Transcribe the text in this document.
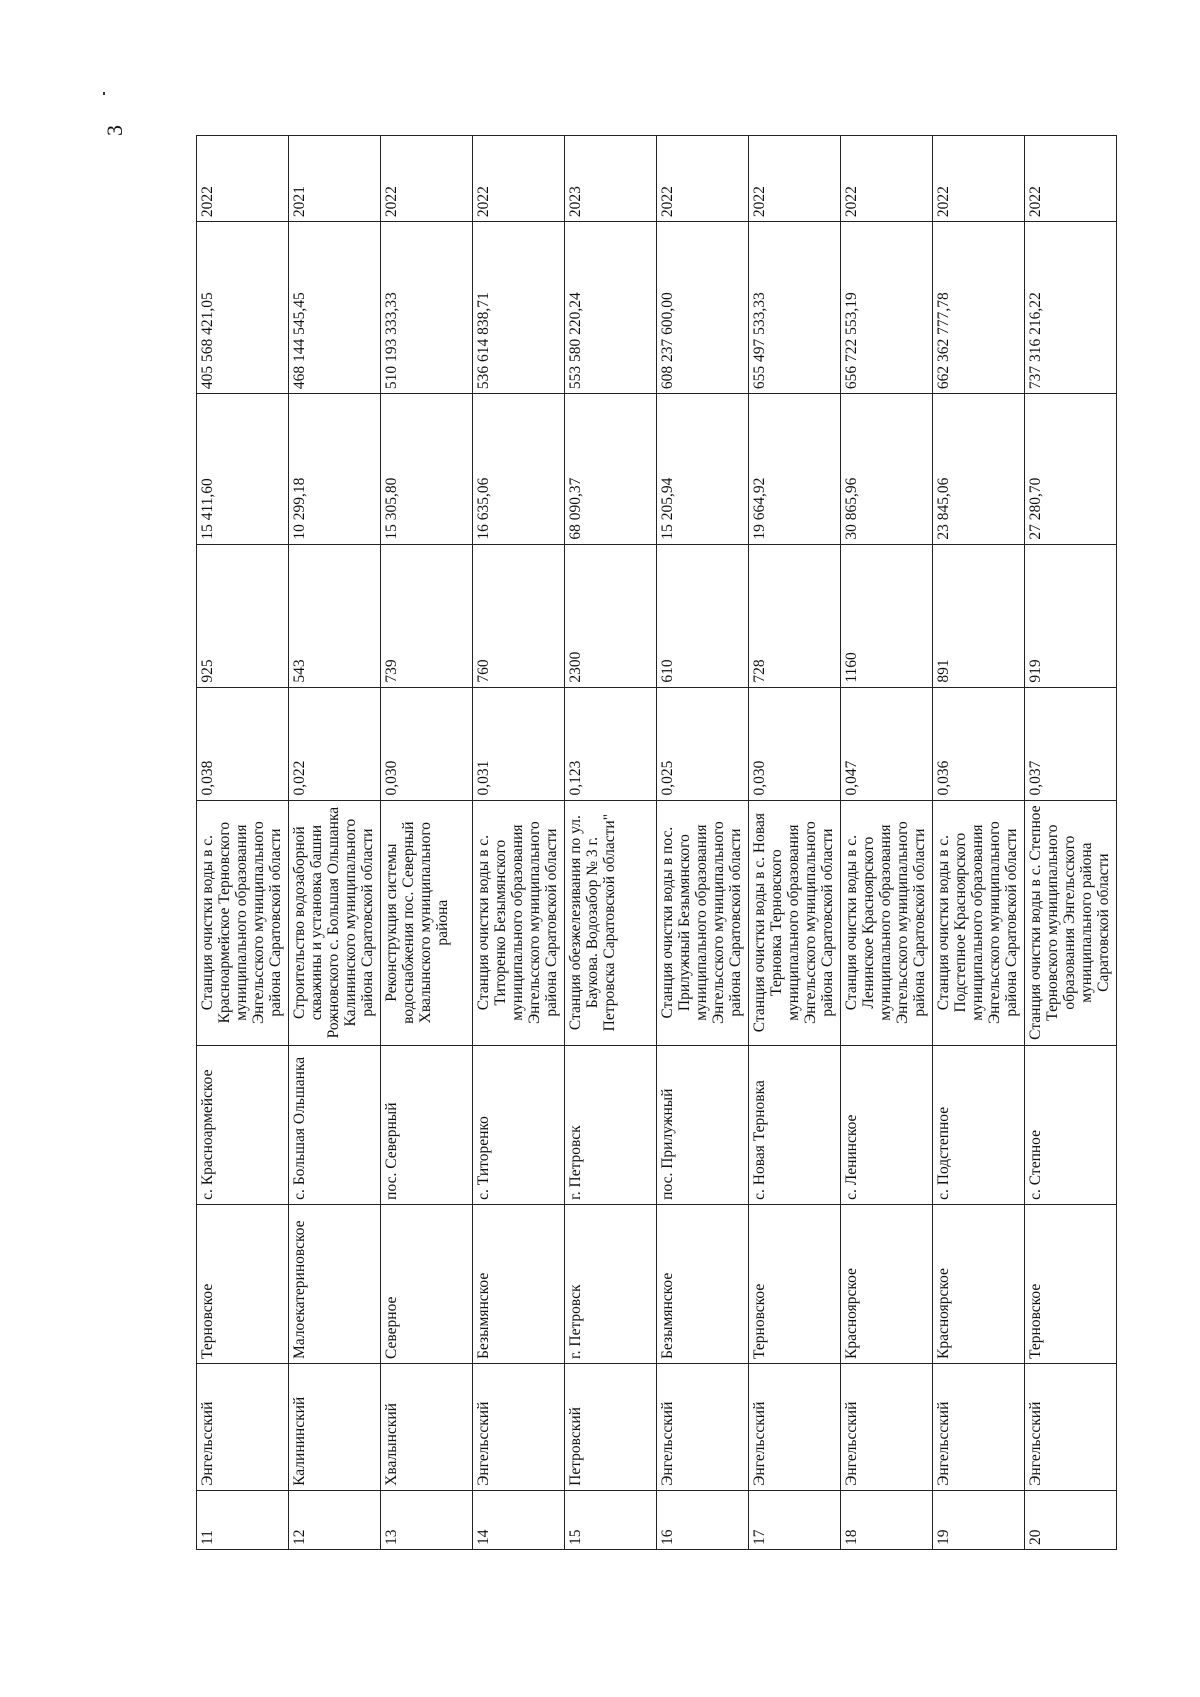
3
11	Энгельсский	Терновское	с. Красноармейское	Станция очистки воды в с. Красноармейское Терновского муниципального образования Энгельсского муниципального района Саратовской области	0,038	925	15 411,60	405 568 421,05	2022
12	Калининский	Малоекатериновское	с. Большая Ольшанка	Строительство водозаборной скважины и установка башни Рожновского с. Большая Ольшанка Калининского муниципального района Саратовской области	0,022	543	10 299,18	468 144 545,45	2021
13	Хвалынский	Северное	пос. Северный	Реконструкция системы водоснабжения пос. Северный Хвалынского муниципального района	0,030	739	15 305,80	510 193 333,33	2022
14	Энгельсский	Безымянское	с. Титоренко	Станция очистки воды в с. Титоренко Безымянского муниципального образования Энгельсского муниципального района Саратовской области	0,031	760	16 635,06	536 614 838,71	2022
15	Петровский	г. Петровск	г. Петровск	Станция обезжелезивания по ул. Баукова. Водозабор № 3 г. Петровска Саратовской области"	0,123	2300	68 090,37	553 580 220,24	2023
16	Энгельсский	Безымянское	пос. Прилужный	Станция очистки воды в пос. Прилужный Безымянского муниципального образования Энгельсского муниципального района Саратовской области	0,025	610	15 205,94	608 237 600,00	2022
17	Энгельсский	Терновское	с. Новая Терновка	Станция очистки воды в с. Новая Терновка Терновского муниципального образования Энгельсского муниципального района Саратовской области	0,030	728	19 664,92	655 497 533,33	2022
18	Энгельсский	Красноярское	с. Ленинское	Станция очистки воды в с. Ленинское Красноярского муниципального образования Энгельсского муниципального района Саратовской области	0,047	1160	30 865,96	656 722 553,19	2022
19	Энгельсский	Красноярское	с. Подстепное	Станция очистки воды в с. Подстепное Красноярского муниципального образования Энгельсского муниципального района Саратовской области	0,036	891	23 845,06	662 362 777,78	2022
20	Энгельсский	Терновское	с. Степное	Станция очистки воды в с. Степное Терновского муниципального образования Энгельсского муниципального района Саратовской области	0,037	919	27 280,70	737 316 216,22	2022
